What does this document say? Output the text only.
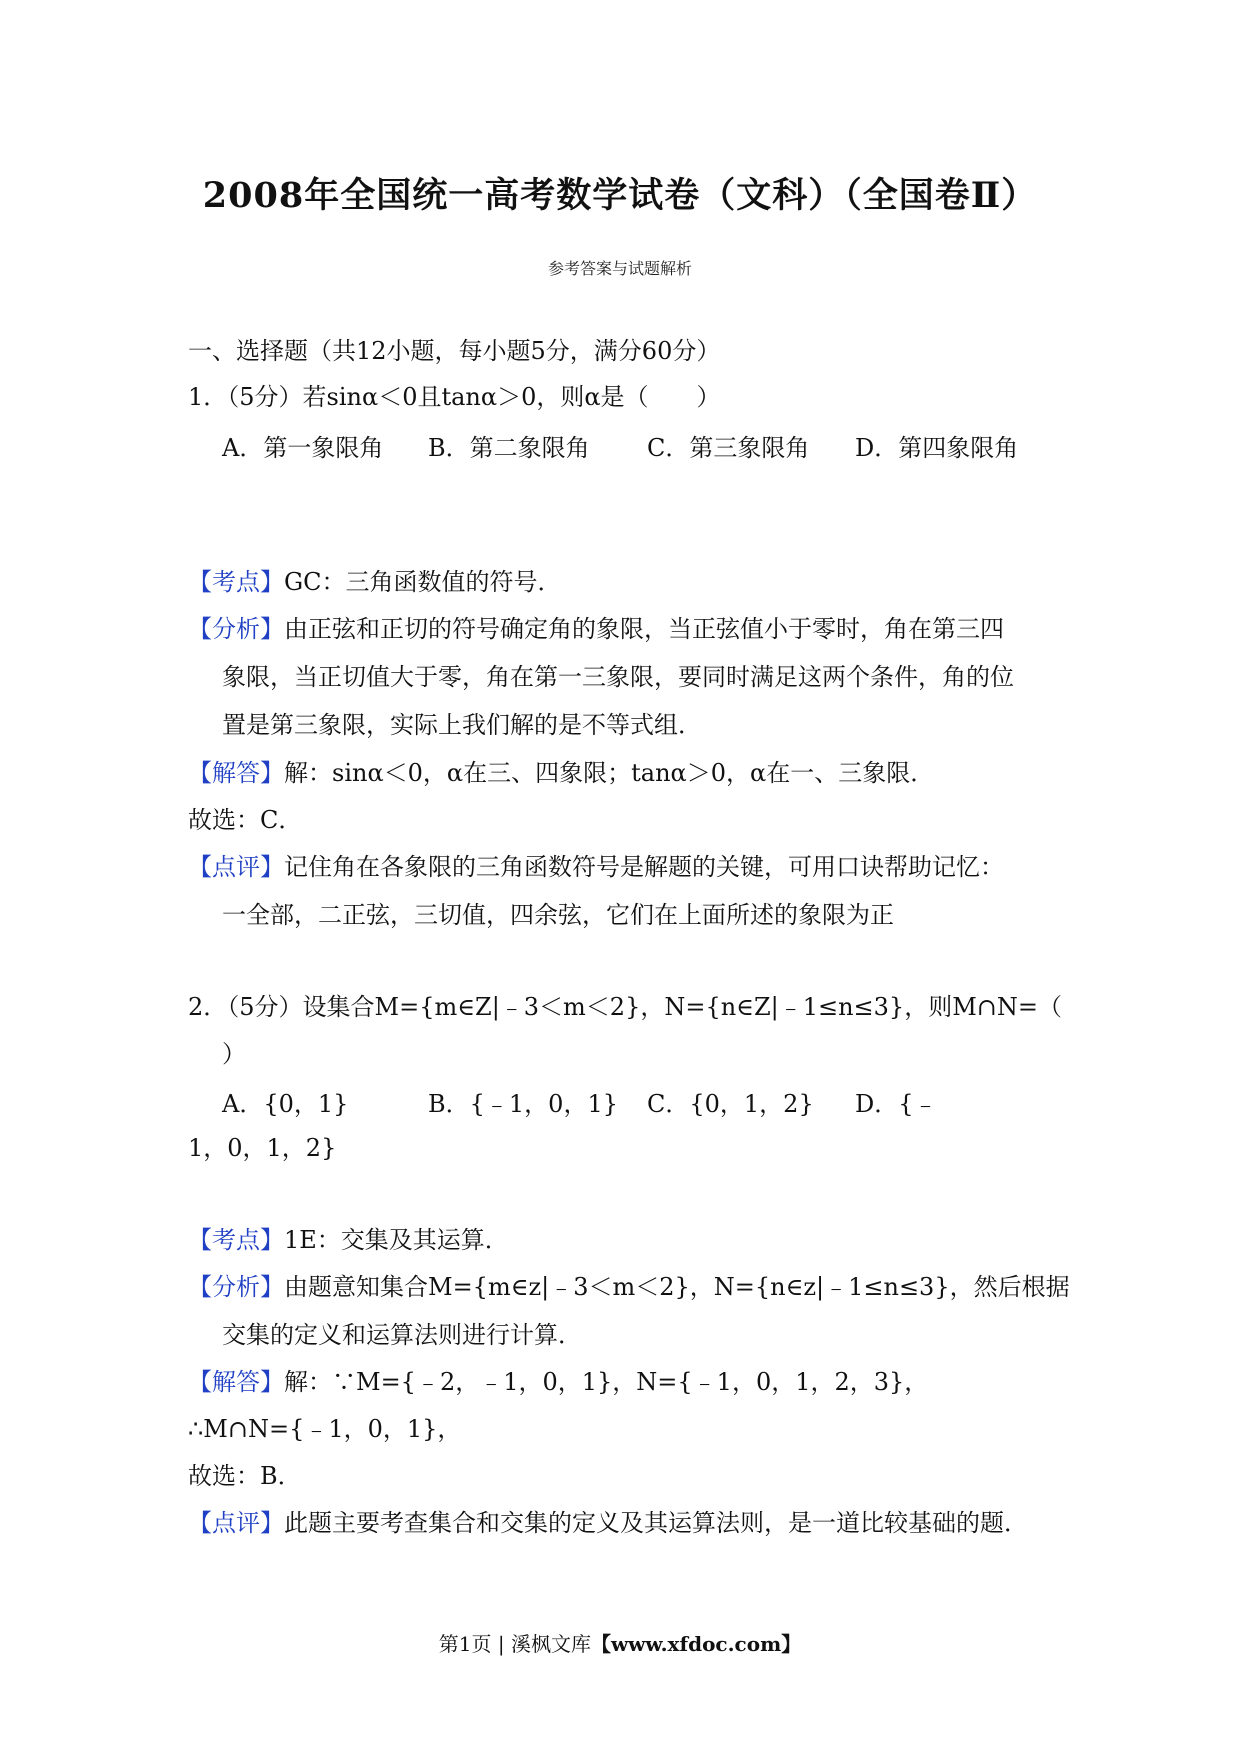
2008年全国统一高考数学试卷（文科）（全国卷Ⅱ）
参考答案与试题解析
一、选择题（共12小题，每小题5分，满分60分）
1．（5分）若sinα＜0且tanα＞0，则α是（　　）
A．第一象限角 B．第二象限角 C．第三象限角 D．第四象限角
【考点】GC：三角函数值的符号．
【分析】由正弦和正切的符号确定角的象限，当正弦值小于零时，角在第三四
象限，当正切值大于零，角在第一三象限，要同时满足这两个条件，角的位
置是第三象限，实际上我们解的是不等式组．
【解答】解：sinα＜0，α在三、四象限；tanα＞0，α在一、三象限．
故选：C．
【点评】记住角在各象限的三角函数符号是解题的关键，可用口诀帮助记忆：
一全部，二正弦，三切值，四余弦，它们在上面所述的象限为正
2．（5分）设集合M={m∈Z|﹣3＜m＜2}，N={n∈Z|﹣1≤n≤3}，则M∩N=（
）
A．{0，1}	B．{﹣1，0，1} C．{0，1，2} D．{﹣
1，0，1，2}
【考点】1E：交集及其运算．
【分析】由题意知集合M={m∈z|﹣3＜m＜2}，N={n∈z|﹣1≤n≤3}，然后根据
交集的定义和运算法则进行计算．
【解答】解：∵M={﹣2，﹣1，0，1}，N={﹣1，0，1，2，3}，
∴M∩N={﹣1，0，1}，
故选：B．
【点评】此题主要考查集合和交集的定义及其运算法则，是一道比较基础的题．
第1页 | 溪枫文库【www.xfdoc.com】
